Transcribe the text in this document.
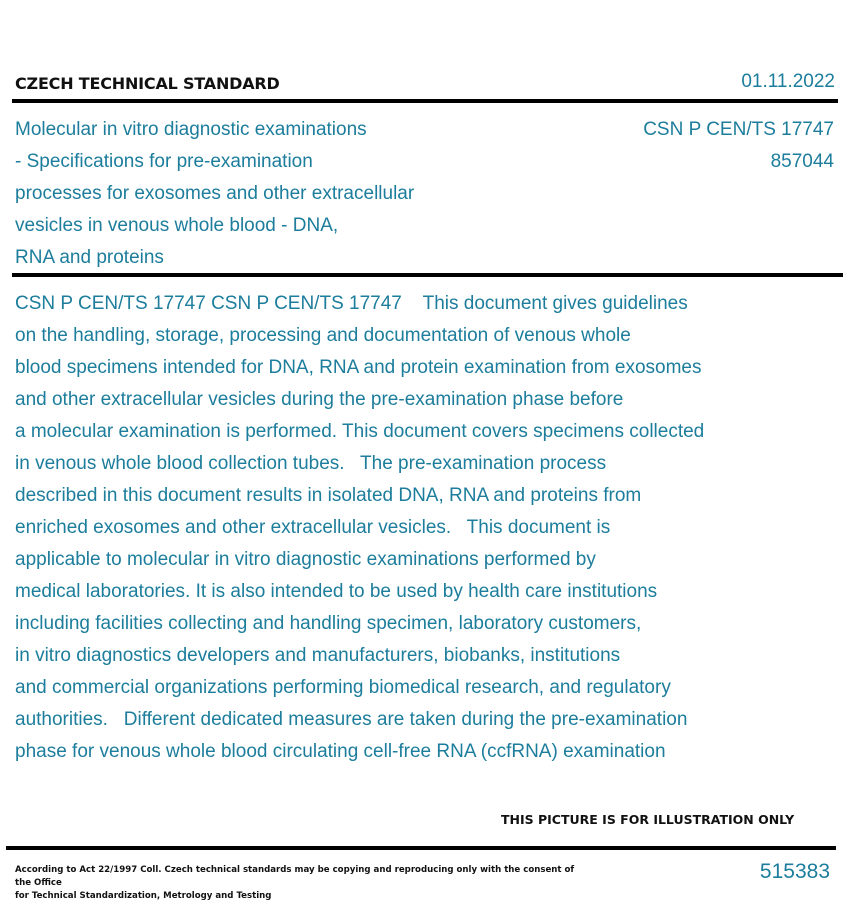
CZECH TECHNICAL STANDARD	01.11.2022
Molecular in vitro diagnostic examinations
- Specifications for pre-examination
processes for exosomes and other extracellular
vesicles in venous whole blood - DNA,
RNA and proteins
CSN P CEN/TS 17747
857044
CSN P CEN/TS 17747 CSN P CEN/TS 17747    This document gives guidelines
on the handling, storage, processing and documentation of venous whole
blood specimens intended for DNA, RNA and protein examination from exosomes
and other extracellular vesicles during the pre-examination phase before
a molecular examination is performed. This document covers specimens collected
in venous whole blood collection tubes.   The pre-examination process
described in this document results in isolated DNA, RNA and proteins from
enriched exosomes and other extracellular vesicles.   This document is
applicable to molecular in vitro diagnostic examinations performed by
medical laboratories. It is also intended to be used by health care institutions
including facilities collecting and handling specimen, laboratory customers,
in vitro diagnostics developers and manufacturers, biobanks, institutions
and commercial organizations performing biomedical research, and regulatory
authorities.   Different dedicated measures are taken during the pre-examination
phase for venous whole blood circulating cell-free RNA (ccfRNA) examination
THIS PICTURE IS FOR ILLUSTRATION ONLY
According to Act 22/1997 Coll. Czech technical standards may be copying and reproducing only with the consent of the Office
for Technical Standardization, Metrology and Testing
515383
